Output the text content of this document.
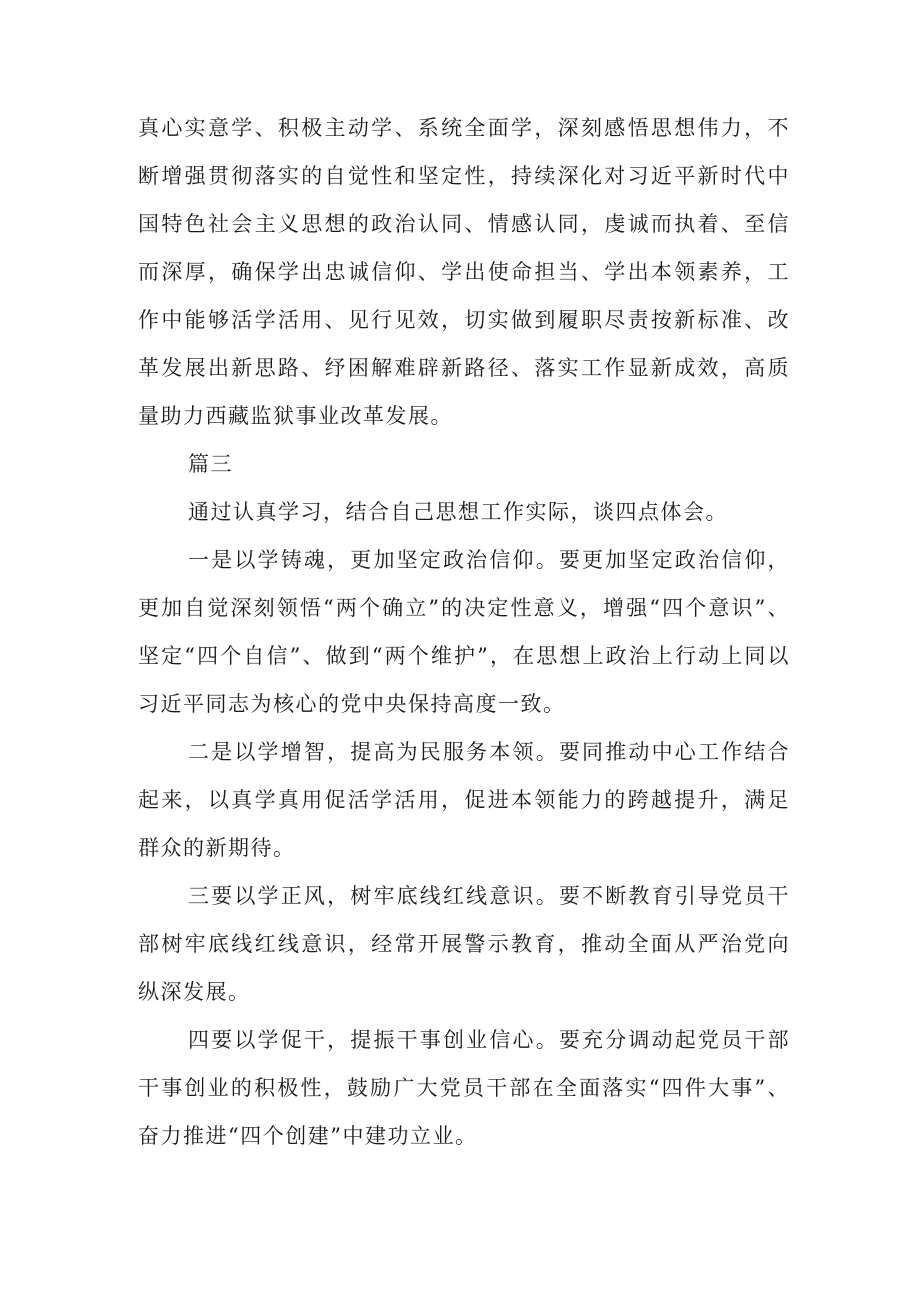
真心实意学、积极主动学、系统全面学，深刻感悟思想伟力，不断增强贯彻落实的自觉性和坚定性，持续深化对习近平新时代中国特色社会主义思想的政治认同、情感认同，虔诚而执着、至信而深厚，确保学出忠诚信仰、学出使命担当、学出本领素养，工作中能够活学活用、见行见效，切实做到履职尽责按新标准、改革发展出新思路、纾困解难辟新路径、落实工作显新成效，高质量助力西藏监狱事业改革发展。

篇三

通过认真学习，结合自己思想工作实际，谈四点体会。

一是以学铸魂，更加坚定政治信仰。要更加坚定政治信仰，更加自觉深刻领悟“两个确立”的决定性意义，增强“四个意识”、坚定“四个自信”、做到“两个维护”，在思想上政治上行动上同以习近平同志为核心的党中央保持高度一致。

二是以学增智，提高为民服务本领。要同推动中心工作结合起来，以真学真用促活学活用，促进本领能力的跨越提升，满足群众的新期待。

三要以学正风，树牢底线红线意识。要不断教育引导党员干部树牢底线红线意识，经常开展警示教育，推动全面从严治党向纵深发展。

四要以学促干，提振干事创业信心。要充分调动起党员干部干事创业的积极性，鼓励广大党员干部在全面落实“四件大事”、奋力推进“四个创建”中建功立业。
